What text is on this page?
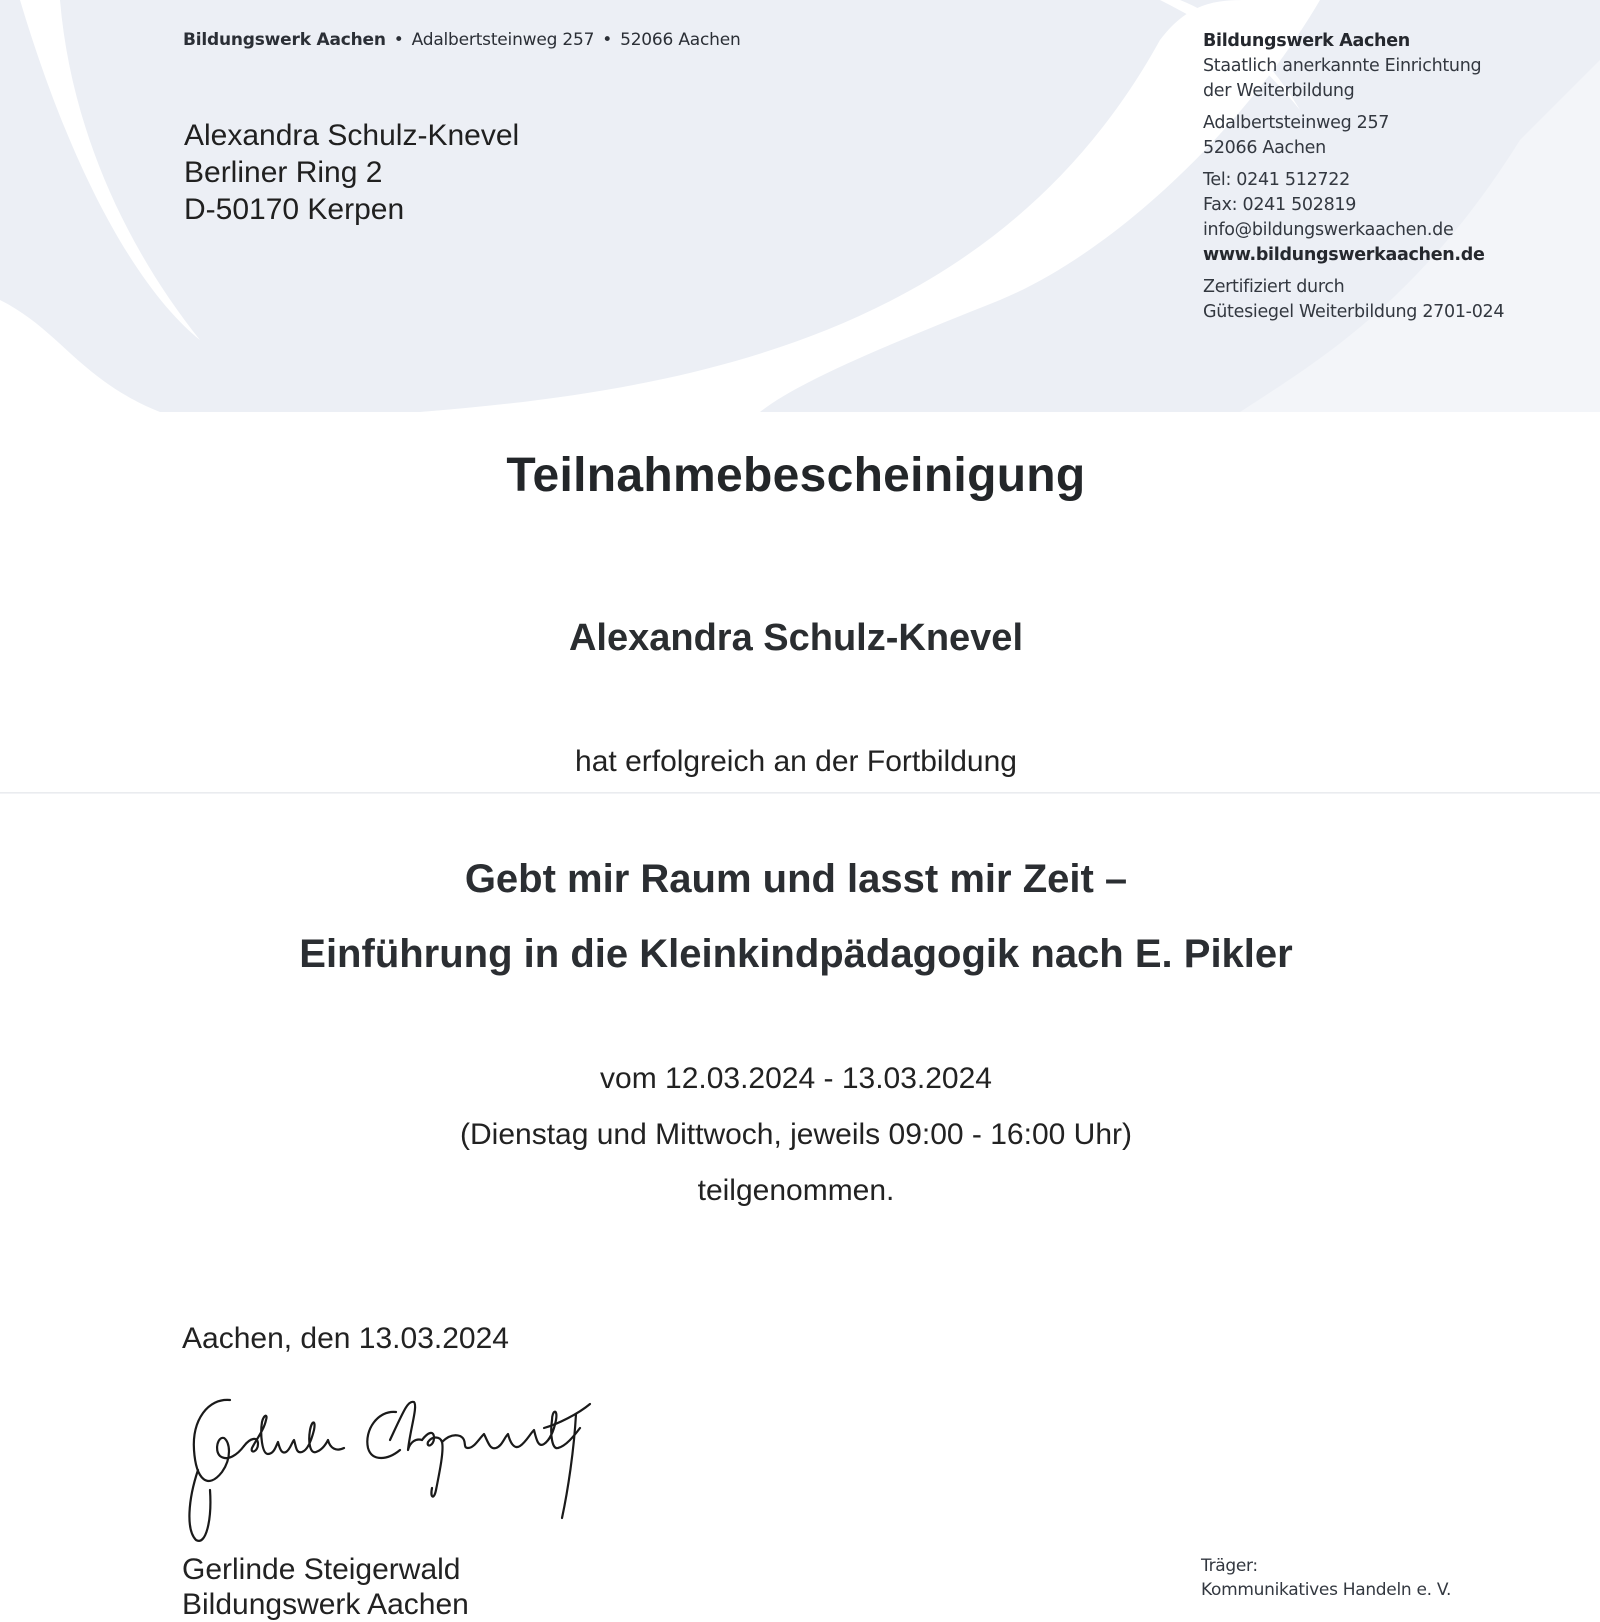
Bildungswerk Aachen • Adalbertsteinweg 257 • 52066 Aachen
Alexandra Schulz-Knevel
Berliner Ring 2
D-50170 Kerpen
Bildungswerk Aachen
Staatlich anerkannte Einrichtung
der Weiterbildung
Adalbertsteinweg 257
52066 Aachen
Tel: 0241 512722
Fax: 0241 502819
info@bildungswerkaachen.de
www.bildungswerkaachen.de
Zertifiziert durch
Gütesiegel Weiterbildung 2701-024
Teilnahmebescheinigung
Alexandra Schulz-Knevel
hat erfolgreich an der Fortbildung
Gebt mir Raum und lasst mir Zeit –
Einführung in die Kleinkindpädagogik nach E. Pikler
vom 12.03.2024 - 13.03.2024
(Dienstag und Mittwoch, jeweils 09:00 - 16:00 Uhr)
teilgenommen.
Aachen, den 13.03.2024
Gerlinde Steigerwald
Bildungswerk Aachen
Träger:
Kommunikatives Handeln e. V.
